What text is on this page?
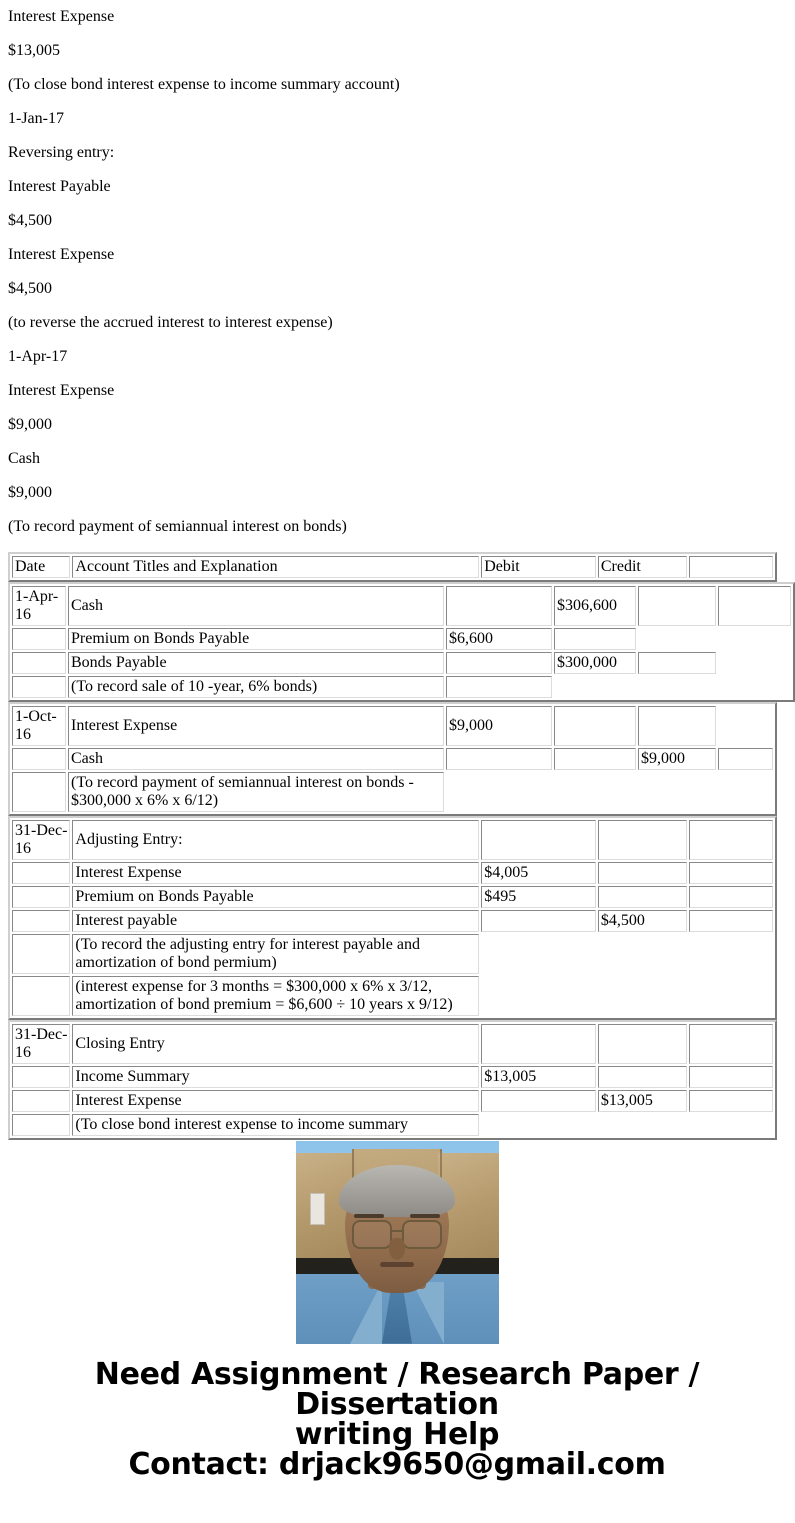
Interest Expense

$13,005

(To close bond interest expense to income summary account)

1-Jan-17

Reversing entry:

Interest Payable

$4,500

Interest Expense

$4,500

(to reverse the accrued interest to interest expense)

1-Apr-17

Interest Expense

$9,000

Cash

$9,000

(To record payment of semiannual interest on bonds)

Date	Account Titles and Explanation	Debit	Credit	
1-Apr-16	Cash		$306,600		
	Premium on Bonds Payable	$6,600			
	Bonds Payable		$300,000		
	(To record sale of 10 -year, 6% bonds)				
1-Oct-16	Interest Expense	$9,000			
	Cash			$9,000	
	(To record payment of semiannual interest on bonds - $300,000 x 6% x 6/12)				
31-Dec-16	Adjusting Entry:			
	Interest Expense	$4,005		
	Premium on Bonds Payable	$495		
	Interest payable		$4,500	
	(To record the adjusting entry for interest payable and amortization of bond permium)			
	(interest expense for 3 months = $300,000 x 6% x 3/12, amortization of bond premium = $6,600 ÷ 10 years x 9/12)			
31-Dec-16	Closing Entry			
	Income Summary	$13,005		
	Interest Expense		$13,005	
	(To close bond interest expense to income summary			
Need Assignment / Research Paper / Dissertation
writing Help
Contact: drjack9650@gmail.com
